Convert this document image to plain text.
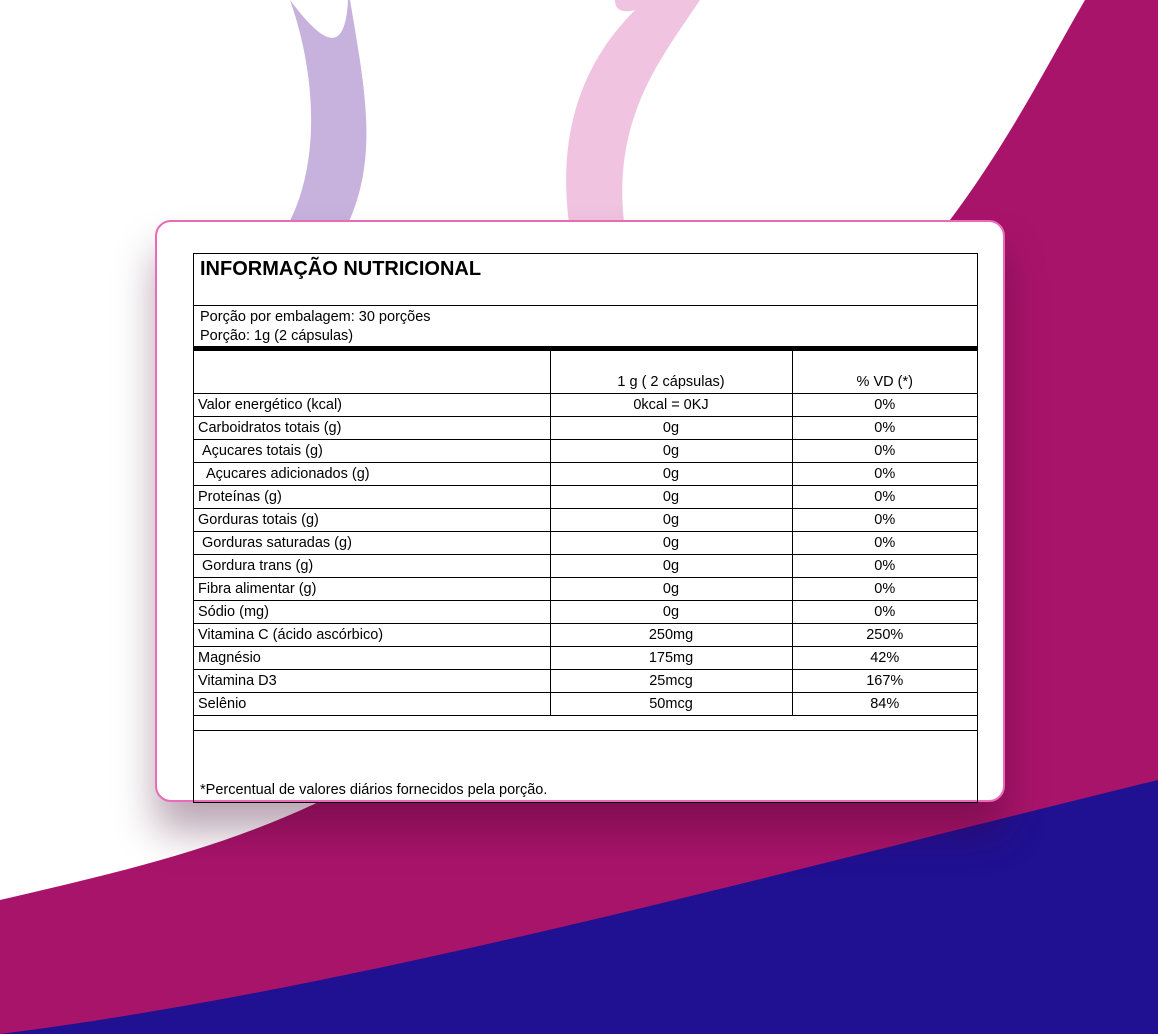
INFORMAÇÃO NUTRICIONAL
Porção por embalagem: 30 porções
Porção: 1g (2 cápsulas)
	1 g ( 2 cápsulas)	% VD (*)
Valor energético (kcal)	0kcal = 0KJ	0%
Carboidratos totais (g)	0g	0%
Açucares totais (g)	0g	0%
Açucares adicionados (g)	0g	0%
Proteínas (g)	0g	0%
Gorduras totais (g)	0g	0%
Gorduras saturadas (g)	0g	0%
Gordura trans (g)	0g	0%
Fibra alimentar (g)	0g	0%
Sódio (mg)	0g	0%
Vitamina C (ácido ascórbico)	250mg	250%
Magnésio	175mg	42%
Vitamina D3	25mcg	167%
Selênio	50mcg	84%
*Percentual de valores diários fornecidos pela porção.
